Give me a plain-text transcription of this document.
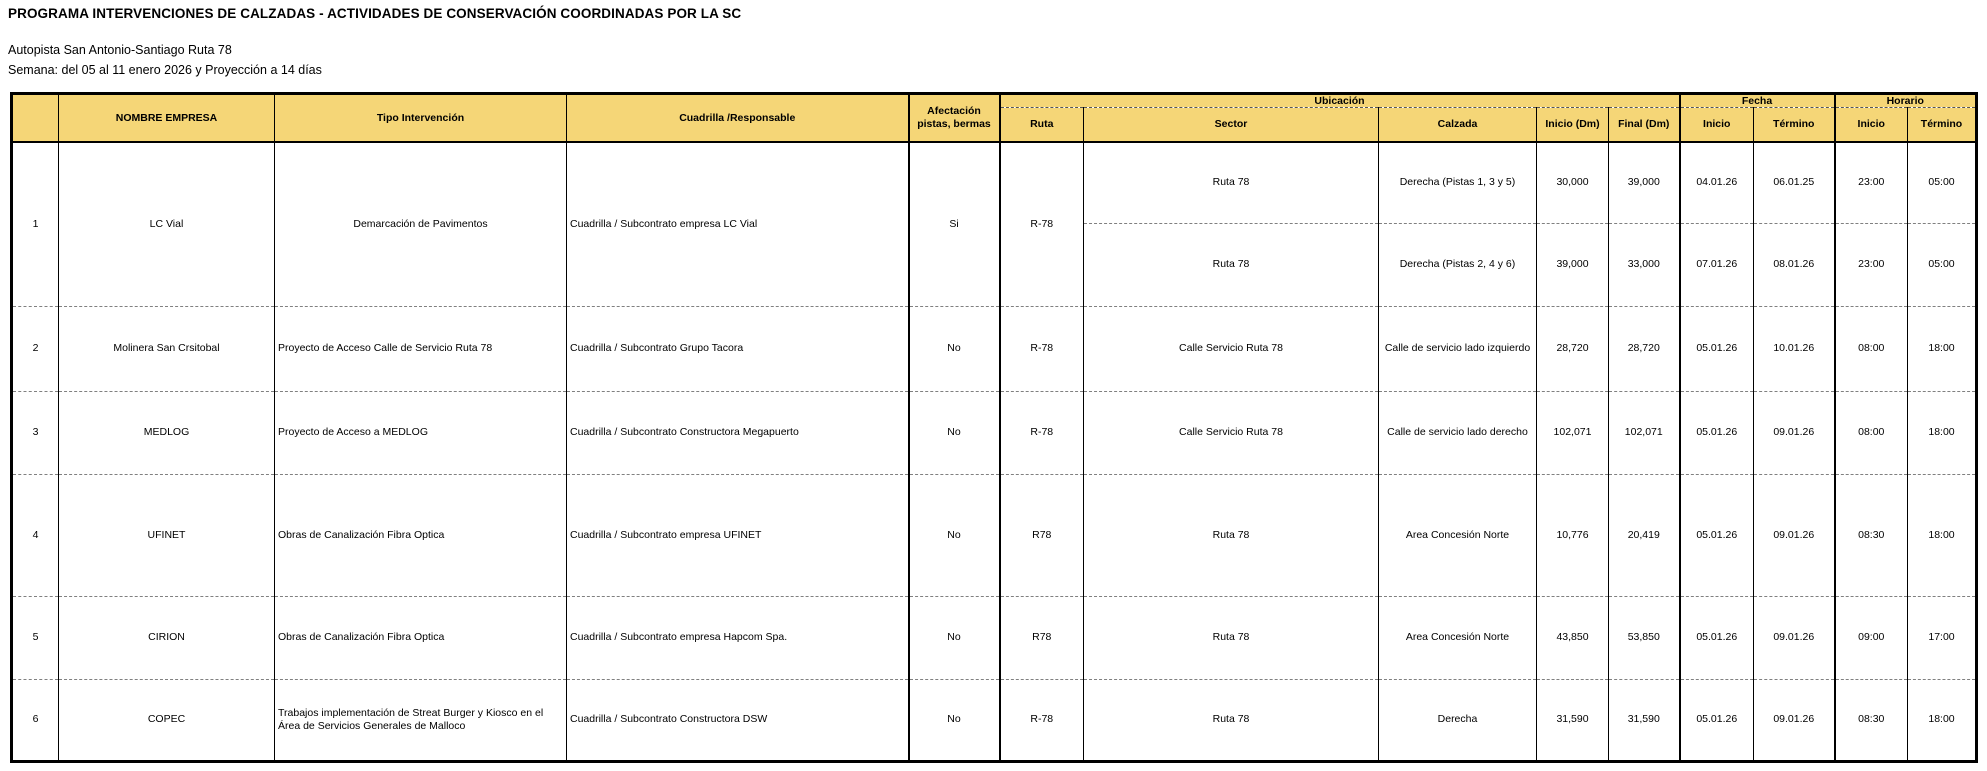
PROGRAMA INTERVENCIONES DE CALZADAS - ACTIVIDADES DE CONSERVACIÓN COORDINADAS POR LA SC
Autopista San Antonio-Santiago Ruta 78
Semana: del 05 al 11 enero 2026 y Proyección a 14 días
	NOMBRE EMPRESA	Tipo Intervención	Cuadrilla /Responsable	Afectación
pistas, bermas	Ubicación					Fecha		Horario	
					Ruta	Sector	Calzada	Inicio (Dm)	Final (Dm)	Inicio	Término	Inicio	Término
1	LC Vial	Demarcación de Pavimentos	Cuadrilla / Subcontrato empresa LC Vial	Si	R-78	Ruta 78	Derecha (Pistas 1, 3 y 5)	30,000	39,000	04.01.26	06.01.25	23:00	05:00
						Ruta 78	Derecha (Pistas 2, 4 y 6)	39,000	33,000	07.01.26	08.01.26	23:00	05:00
2	Molinera San Crsitobal	Proyecto de Acceso Calle de Servicio Ruta 78	Cuadrilla / Subcontrato Grupo Tacora	No	R-78	Calle Servicio Ruta 78	Calle de servicio lado izquierdo	28,720	28,720	05.01.26	10.01.26	08:00	18:00
3	MEDLOG	Proyecto de Acceso a MEDLOG	Cuadrilla / Subcontrato Constructora Megapuerto	No	R-78	Calle Servicio Ruta 78	Calle de servicio lado derecho	102,071	102,071	05.01.26	09.01.26	08:00	18:00
4	UFINET	Obras de Canalización Fibra Optica	Cuadrilla / Subcontrato empresa UFINET	No	R78	Ruta 78	Area Concesión Norte	10,776	20,419	05.01.26	09.01.26	08:30	18:00
5	CIRION	Obras de Canalización Fibra Optica	Cuadrilla / Subcontrato empresa Hapcom Spa.	No	R78	Ruta 78	Area Concesión Norte	43,850	53,850	05.01.26	09.01.26	09:00	17:00
6	COPEC	Trabajos implementación de Streat Burger y Kiosco en el Área de Servicios Generales de Malloco	Cuadrilla / Subcontrato Constructora DSW	No	R-78	Ruta 78	Derecha	31,590	31,590	05.01.26	09.01.26	08:30	18:00
